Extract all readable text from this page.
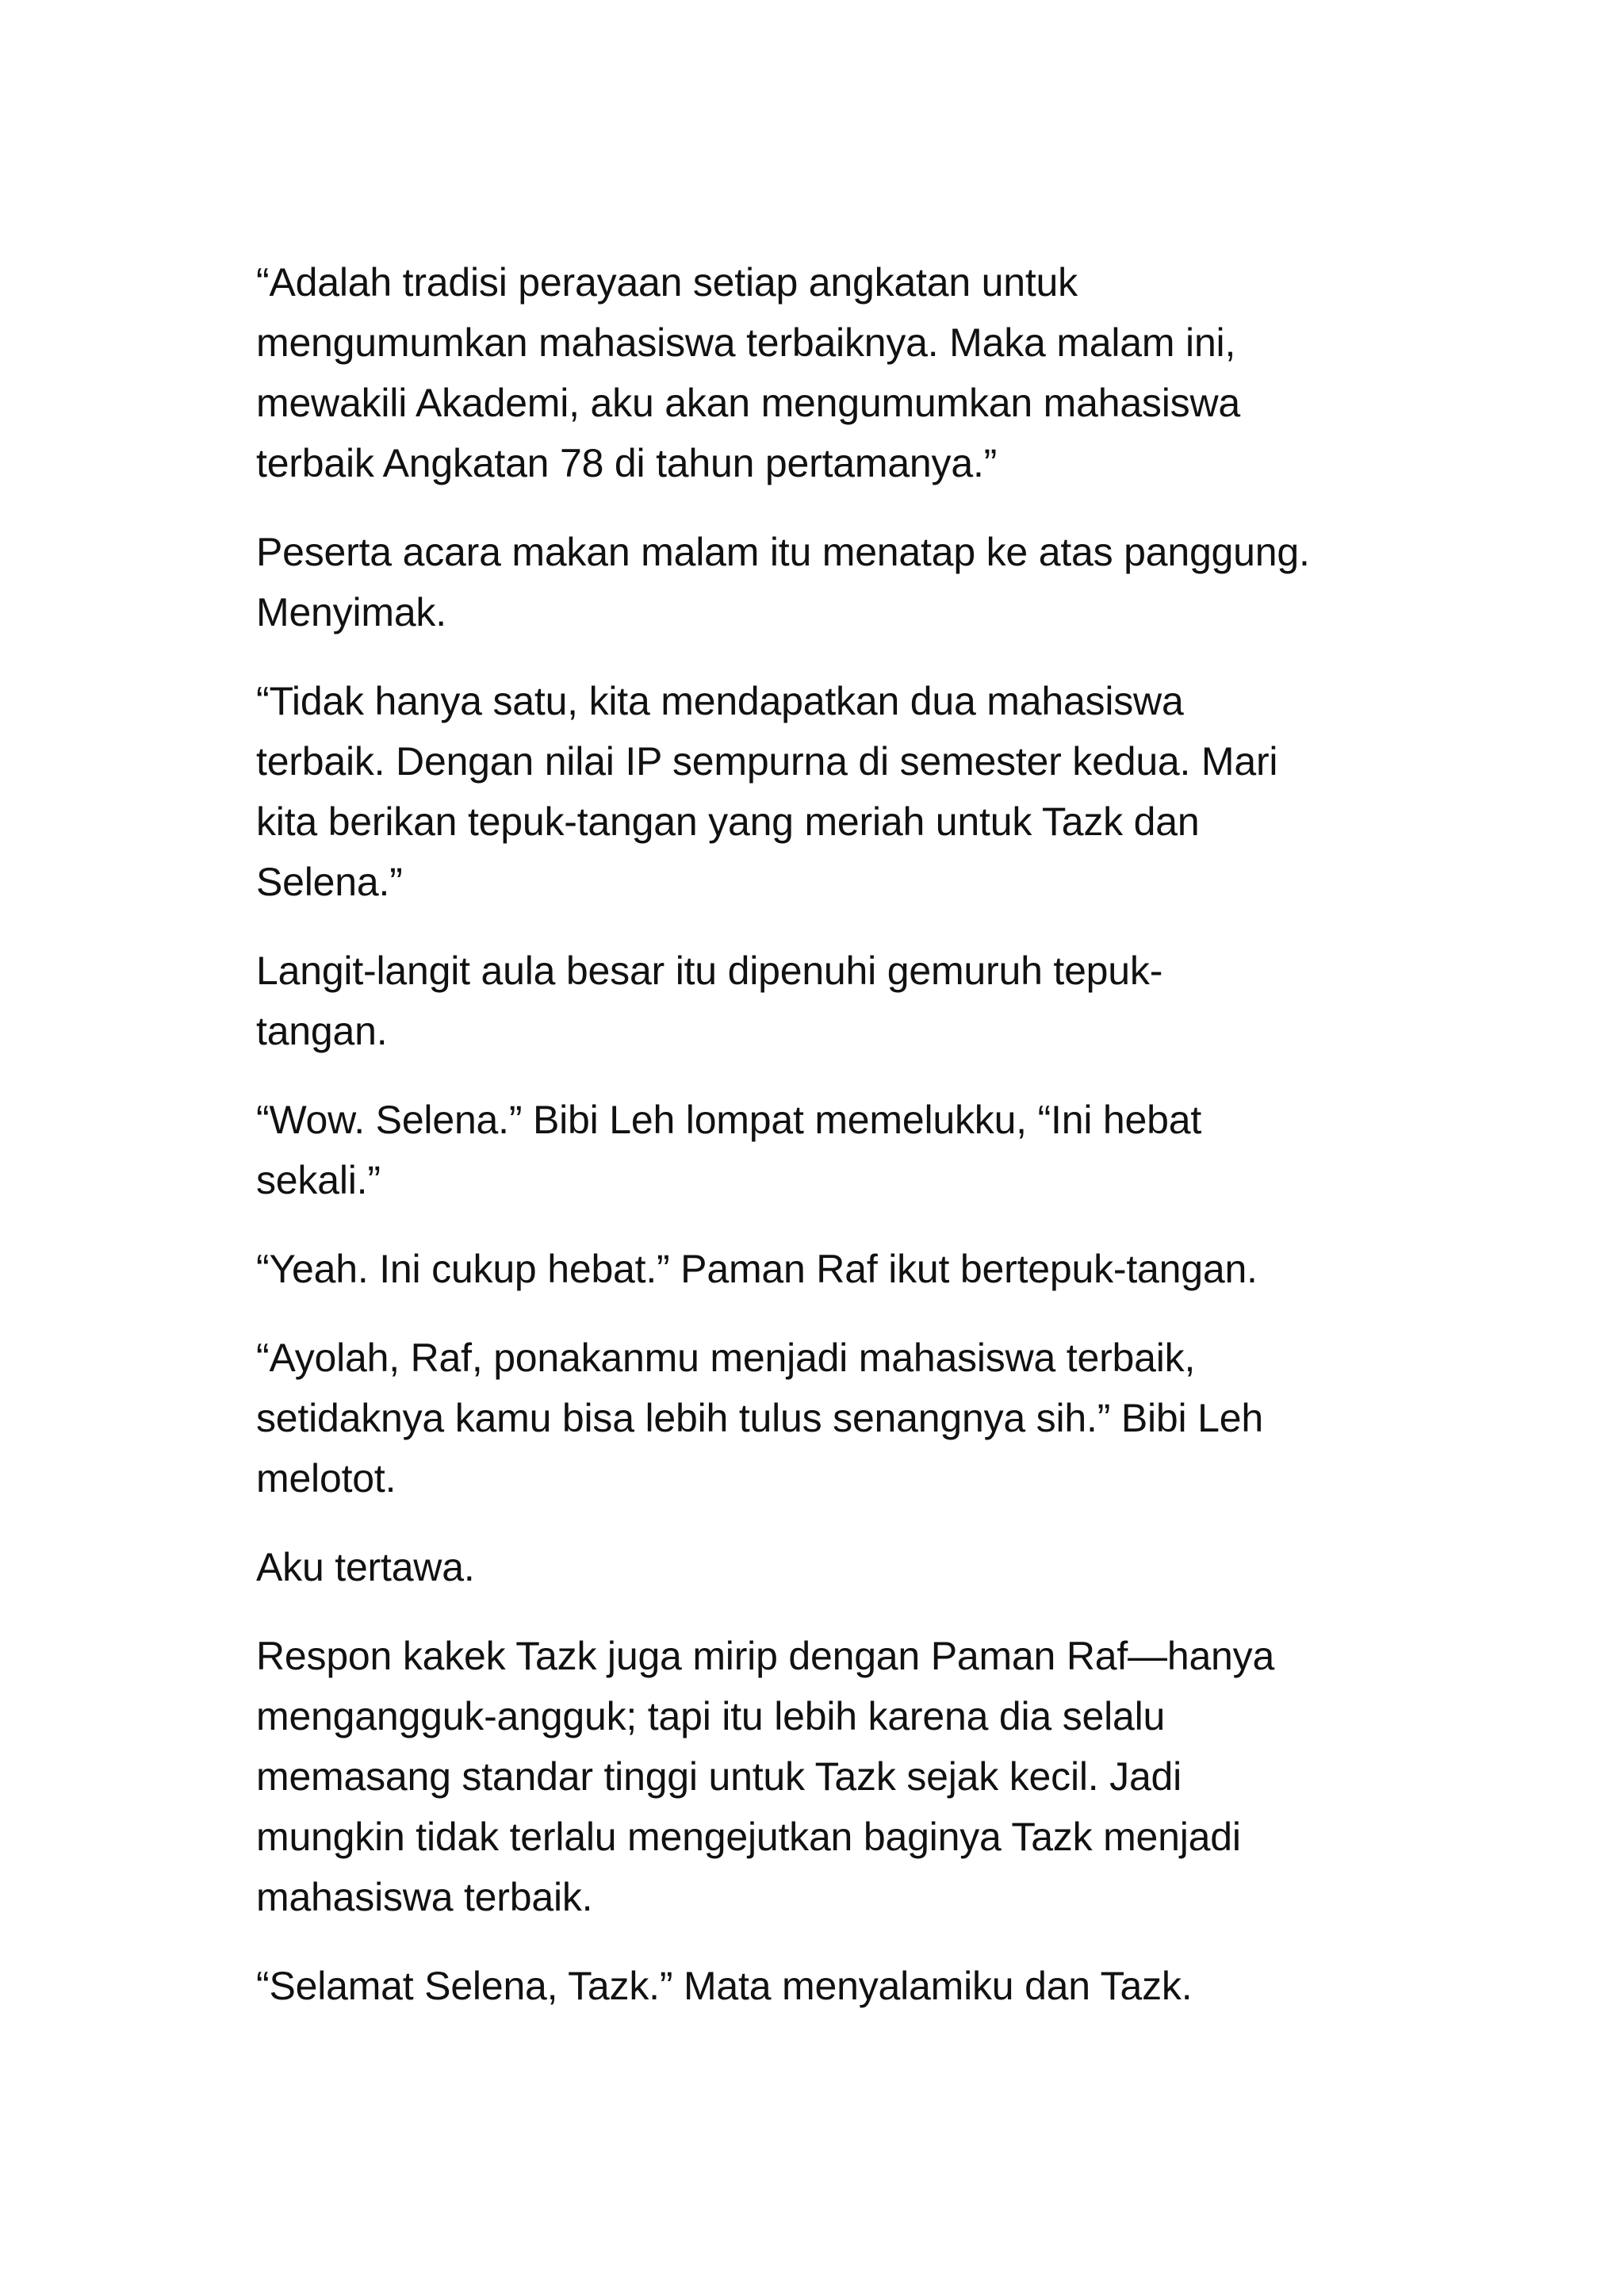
“Adalah tradisi perayaan setiap angkatan untuk
mengumumkan mahasiswa terbaiknya. Maka malam ini,
mewakili Akademi, aku akan mengumumkan mahasiswa
terbaik Angkatan 78 di tahun pertamanya.”

Peserta acara makan malam itu menatap ke atas panggung.
Menyimak.

“Tidak hanya satu, kita mendapatkan dua mahasiswa
terbaik. Dengan nilai IP sempurna di semester kedua. Mari
kita berikan tepuk-tangan yang meriah untuk Tazk dan
Selena.”

Langit-langit aula besar itu dipenuhi gemuruh tepuk-
tangan.

“Wow. Selena.” Bibi Leh lompat memelukku, “Ini hebat
sekali.”

“Yeah. Ini cukup hebat.” Paman Raf ikut bertepuk-tangan.

“Ayolah, Raf, ponakanmu menjadi mahasiswa terbaik,
setidaknya kamu bisa lebih tulus senangnya sih.” Bibi Leh
melotot.

Aku tertawa.

Respon kakek Tazk juga mirip dengan Paman Raf—hanya
mengangguk-angguk; tapi itu lebih karena dia selalu
memasang standar tinggi untuk Tazk sejak kecil. Jadi
mungkin tidak terlalu mengejutkan baginya Tazk menjadi
mahasiswa terbaik.

“Selamat Selena, Tazk.” Mata menyalamiku dan Tazk.
